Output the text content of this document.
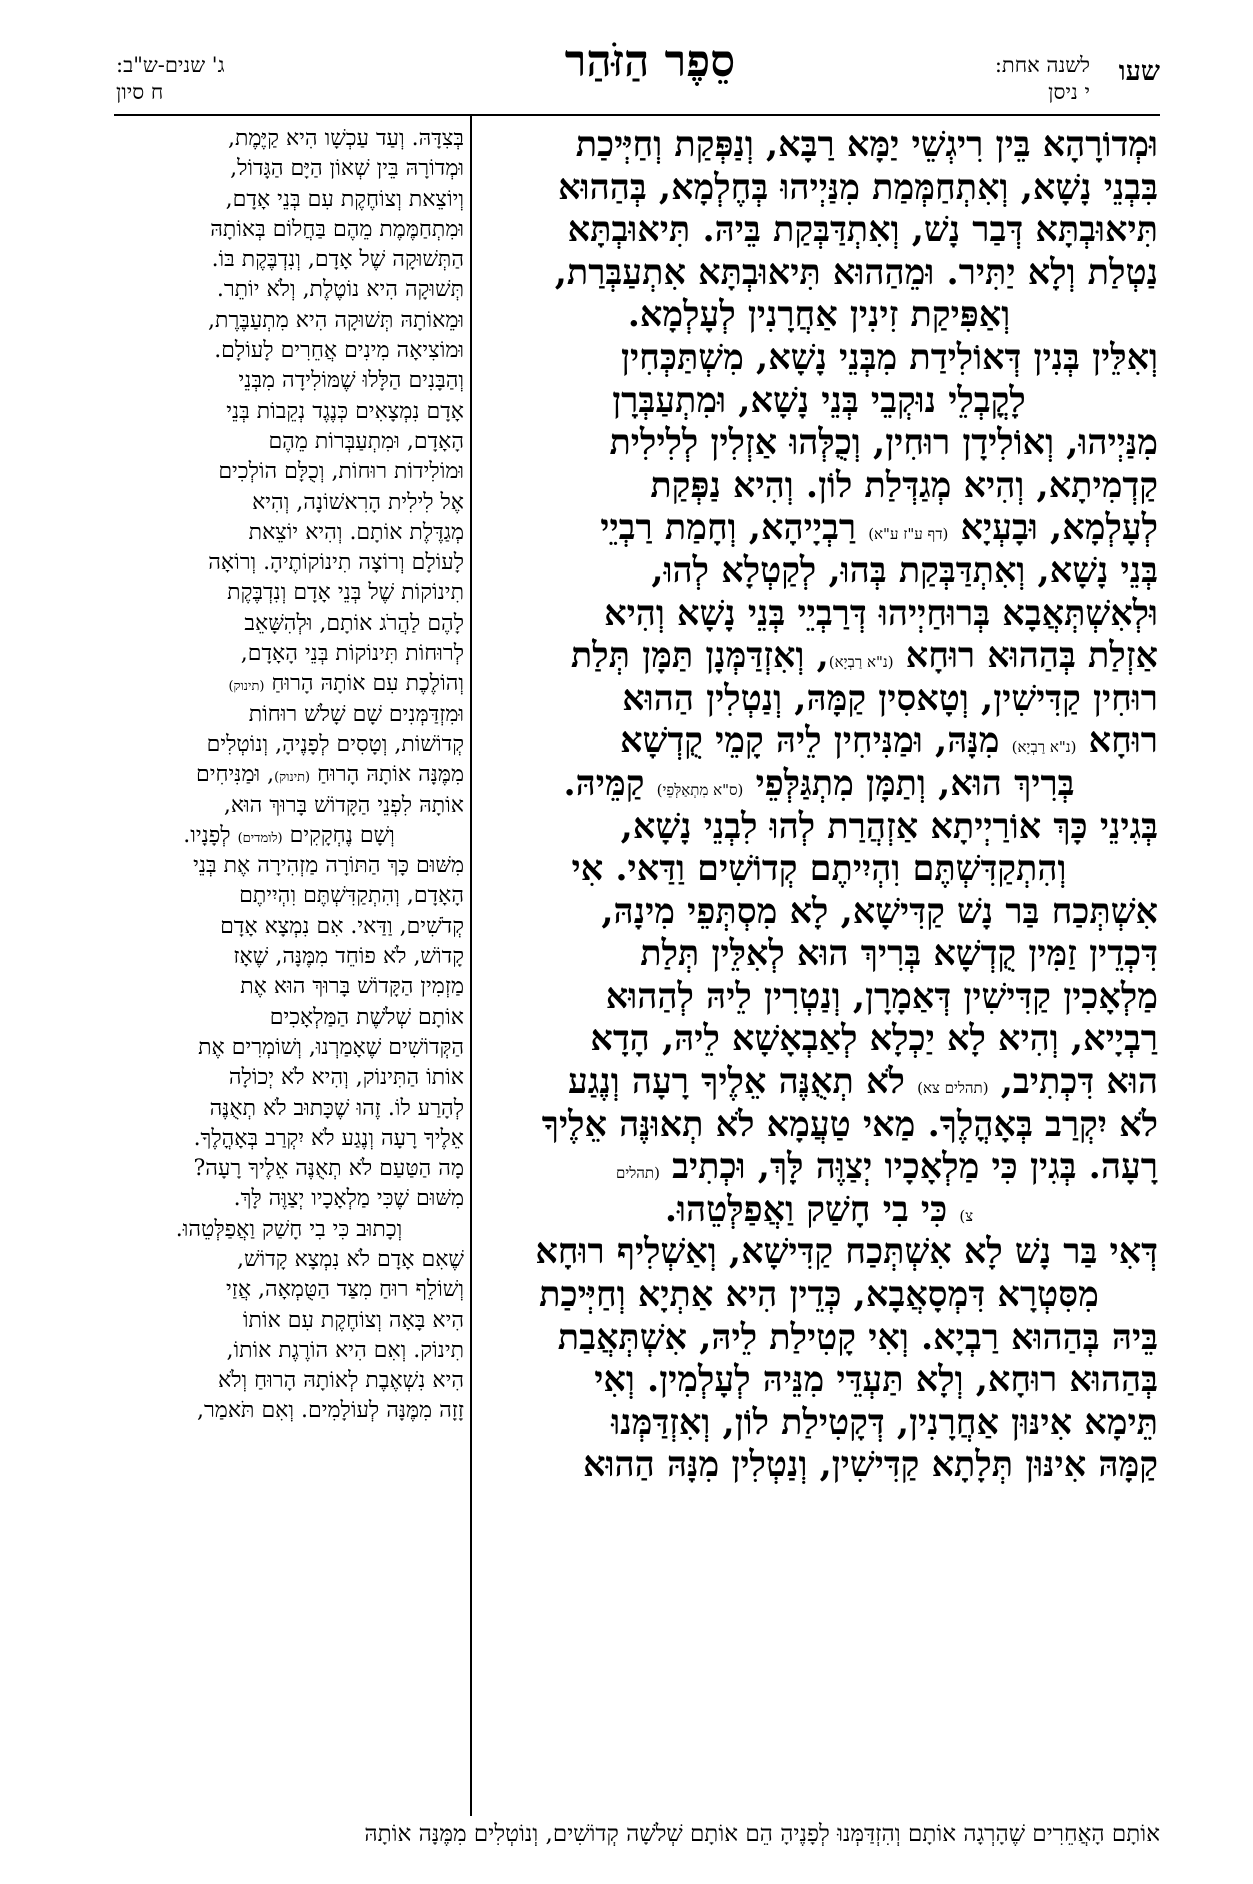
שעו
לשנה אחת:
י ניסן
סֵפֶר הַזֹּהַר
ג' שנים-ש"ב:
ח סיון

וּמְדוֹרָהָא בֵּין רִיגְשֵׁי יַמָּא רַבָּא, וְנַפְּקַת וְחַיְּיכַת

בִּבְנֵי נָשָׁא, וְאִתְחַמְּמַת מִנַּיְיהוּ בְּחֶלְמָא, בְּהַהוּא

תִּיאוּבְתָּא דְּבַר נָשׁ, וְאִתְדַּבְּקַת בֵּיהּ. תִּיאוּבְתָּא

נַטְלַת וְלָא יַתִּיר. וּמֵהַהוּא תִּיאוּבְתָּא אִתְעַבְּרַת,

וְאַפִּיקַת זִינִין אַחֲרָנִין לְעָלְמָא.

וְאִלֵּין בְּנִין דְּאוֹלִידַת מִבְּנֵי נָשָׁא, מִשְׁתַּכְּחִין

לָקֳבְלֵי נוּקְבֵי בְּנֵי נָשָׁא, וּמִתְעַבְּרָן

מִנַּיְיהוּ, וְאוֹלִידָן רוּחִין, וְכֻלְּהוּ אַזְלִין לְלִילִית

קַדְמִיתָא, וְהִיא מְגַדְּלַת לוֹן. וְהִיא נַפְּקַת

לְעָלְמָא, וּבָעְיָא (דף ע"ז ע"א) רַבְיָיהָא, וְחָמַת רַבְיֵי

בְּנֵי נָשָׁא, וְאִתְדַּבְּקַת בְּהוּ, לְקַטְלָא לְהוּ,

וּלְאִשְׁתְּאֲבָא בְּרוּחַיְיהוּ דְּרַבְיֵי בְּנֵי נָשָׁא וְהִיא

אַזְלַת בְּהַהוּא רוּחָא (נ"א רַבְיָא), וְאִזְדַּמְּנָן תַּמָּן תְּלַת

רוּחִין קַדִּישִׁין, וְטָאסִין קַמָּהּ, וְנַטְלִין הַהוּא

רוּחָא (נ"א רַבְיָא) מִנָּהּ, וּמַנִּיחִין לֵיהּ קָמֵי קֻדְשָׁא

בְּרִיךְ הוּא, וְתַמָּן מִתְגַּלְּפֵי (ס"א מִתְאַלְּפֵי) קַמֵּיהּ.

בְּגִינֵי כָּךְ אוֹרַיְיתָא אַזְהֲרַת לְהוּ לִבְנֵי נָשָׁא,

וְהִתְקַדִּשְׁתֶּם וִהְיִיתֶם קְדוֹשִׁים וַדַּאי. אִי

אִשְׁתְּכַח בַּר נָשׁ קַדִּישָׁא, לָא מִסְתְּפֵי מִינָהּ,

דִּכְדֵין זַמִּין קֻדְשָׁא בְּרִיךְ הוּא לְאִלֵּין תְּלַת

מַלְאָכִין קַדִּישִׁין דְּאַמָרָן, וְנַטְרִין לֵיהּ לְהַהוּא

רַבְיָיא, וְהִיא לָא יַכְלָא לְאַבְאָשָׁא לֵיהּ, הָדָא

הוּא דִּכְתִיב, (תהלים צא) לֹא תְאֻנֶּה אֵלֶיךָ רָעָה וְנֶגַע

לֹא יִקְרַב בְּאָהֳלֶךָ. מַאי טַעֲמָא לֹא תְאוּנֶּה אֵלֶיךָ

רָעָה. בְּגִין כִּי מַלְאָכָיו יְצַוֶּה לָּךְ, וּכְתִיב (תהלים

צ) כִּי בִי חָשַׁק וַאֲפַלְּטֵהוּ.

דְּאִי בַּר נָשׁ לָא אִשְׁתְּכַח קַדִּישָׁא, וְאַשְׁלִיף רוּחָא

מִסִּטְרָא דִּמְסָאֲבָא, כְּדֵין הִיא אַתְיָא וְחַיְּיכַת

בֵּיהּ בְּהַהוּא רַבְיָא. וְאִי קָטִילַת לֵיהּ, אִשְׁתְּאֲבַת

בְּהַהוּא רוּחָא, וְלָא תַּעְדֵּי מִנֵּיהּ לְעָלְמִין. וְאִי

תֵּימָא אִינּוּן אַחֲרָנִין, דְּקָטִילַת לוֹן, וְאִזְדַּמְּנוּ

קַמָּהּ אִינּוּן תְּלָתָא קַדִּישִׁין, וְנַטְלִין מִנָּהּ הַהוּא

בְּצִדָּהּ. וְעַד עַכְשָׁו הִיא קַיֶּמֶת,

וּמְדוֹרָהּ בֵּין שְׁאוֹן הַיָּם הַגָּדוֹל,

וְיוֹצֵאת וְצוֹחֶקֶת עִם בְּנֵי אָדָם,

וּמִתְחַמֶּמֶת מֵהֶם בַּחֲלוֹם בְּאוֹתָהּ

הַתְּשׁוּקָה שֶׁל אָדָם, וְנִדְבֶּקֶת בּוֹ.

תְּשׁוּקָה הִיא נוֹטֶלֶת, וְלֹא יוֹתֵר.

וּמֵאוֹתָהּ תְּשׁוּקָה הִיא מִתְעַבֶּרֶת,

וּמוֹצִיאָה מִינִים אֲחֵרִים לָעוֹלָם.

וְהַבָּנִים הַלָּלוּ שֶׁמּוֹלִידָה מִבְּנֵי

אָדָם נִמְצָאִים כְּנֶגֶד נְקֵבוֹת בְּנֵי

הָאָדָם, וּמִתְעַבְּרוֹת מֵהֶם

וּמוֹלִידוֹת רוּחוֹת, וְכֻלָּם הוֹלְכִים

אֶל לִילִית הָרִאשׁוֹנָה, וְהִיא

מְגַדֶּלֶת אוֹתָם. וְהִיא יוֹצֵאת

לָעוֹלָם וְרוֹצָה תִינוֹקוֹתֶיהָ. וְרוֹאָה

תִינוֹקוֹת שֶׁל בְּנֵי אָדָם וְנִדְבֶּקֶת

לָהֶם לַהֲרֹג אוֹתָם, וּלְהִשָּׁאֵב

לְרוּחוֹת תִּינוֹקוֹת בְּנֵי הָאָדָם,

וְהוֹלֶכֶת עִם אוֹתָהּ הָרוּחַ (תינוק)

וּמִזְדַּמְּנִים שָׁם שָׁלֹשׁ רוּחוֹת

קְדוֹשׁוֹת, וְטָסִים לְפָנֶיהָ, וְנוֹטְלִים

מִמֶּנָּה אוֹתָהּ הָרוּחַ (תינוק), וּמַנִּיחִים

אוֹתָהּ לִפְנֵי הַקָּדוֹשׁ בָּרוּךְ הוּא,

וְשָׁם נֶחְקָקִים (לומדים) לְפָנָיו.

מִשּׁוּם כָּךְ הַתּוֹרָה מַזְהִירָה אֶת בְּנֵי

הָאָדָם, וְהִתְקַדִּשְׁתֶּם וִהְיִיתֶם

קְדֹשִׁים, וַדַּאי. אִם נִמְצָא אָדָם

קָדוֹשׁ, לֹא פוֹחֵד מִמֶּנָּה, שֶׁאָז

מַזְמִין הַקָּדוֹשׁ בָּרוּךְ הוּא אֶת

אוֹתָם שְׁלֹשֶׁת הַמַּלְאָכִים

הַקְּדוֹשִׁים שֶׁאָמַרְנוּ, וְשׁוֹמְרִים אֶת

אוֹתוֹ הַתִּינוֹק, וְהִיא לֹא יְכוֹלָה

לְהָרַע לוֹ. זֶהוּ שֶׁכָּתוּב לֹא תְאֻנֶּה

אֵלֶיךָ רָעָה וְנֶגַע לֹא יִקְרַב בְּאָהֳלֶךָ.

מָה הַטַּעַם לֹא תְאֻנֶּה אֵלֶיךָ רָעָה?

מִשּׁוּם שֶׁכִּי מַלְאָכָיו יְצַוֶּה לָּךְ.

וְכָתוּב כִּי בִי חָשַׁק וַאֲפַלְּטֵהוּ.

שֶׁאִם אָדָם לֹא נִמְצָא קָדוֹשׁ,

וְשׁוֹלֵף רוּחַ מִצַּד הַטֻּמְאָה, אֲזַי

הִיא בָּאָה וְצוֹחֶקֶת עִם אוֹתוֹ

תִינוֹק. וְאִם הִיא הוֹרֶגֶת אוֹתוֹ,

הִיא נִשְׁאֶבֶת לְאוֹתָהּ הָרוּחַ וְלֹא

זָזָה מִמֶּנָּה לְעוֹלָמִים. וְאִם תֹּאמַר,

אוֹתָם הָאֲחֵרִים שֶׁהָרְגָה אוֹתָם וְהִזְדַּמְּנוּ לְפָנֶיהָ הֵם אוֹתָם שְׁלֹשָׁה קְדוֹשִׁים, וְנוֹטְלִים מִמֶּנָּה אוֹתָהּ
